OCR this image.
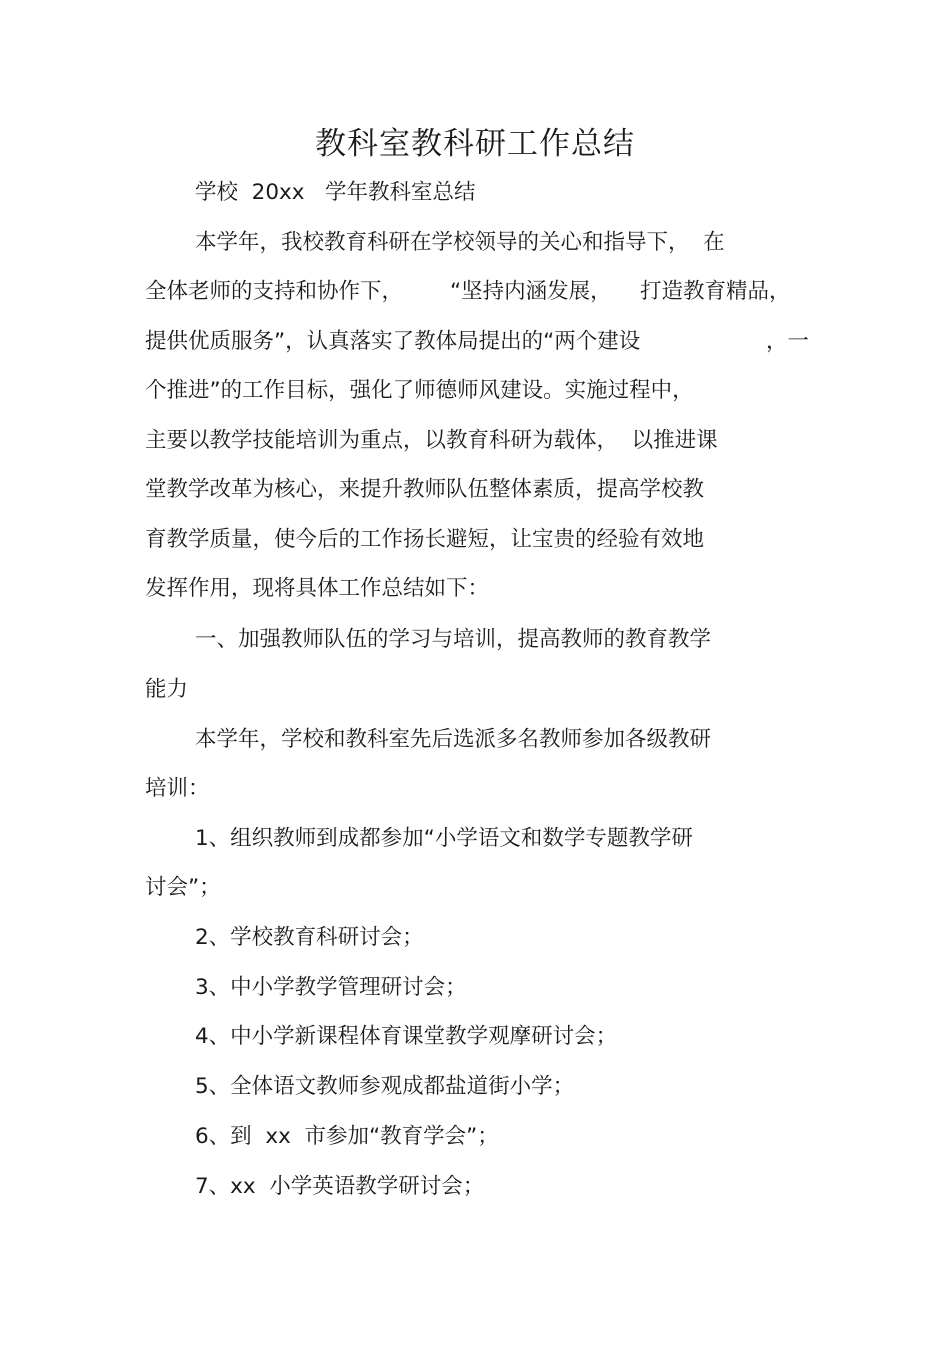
教科室教科研工作总结
学校  20xx   学年教科室总结
本学年，我校教育科研在学校领导的关心和指导下，  在
全体老师的支持和协作下， “坚持内涵发展， 打造教育精品，
提供优质服务”，认真落实了教体局提出的“两个建设	，一
个推进”的工作目标，强化了师德师风建设。实施过程中，
主要以教学技能培训为重点，以教育科研为载体，  以推进课
堂教学改革为核心，来提升教师队伍整体素质，提高学校教
育教学质量，使今后的工作扬长避短，让宝贵的经验有效地
发挥作用，现将具体工作总结如下：
一、加强教师队伍的学习与培训，提高教师的教育教学
能力
本学年，学校和教科室先后选派多名教师参加各级教研
培训：
1、组织教师到成都参加“小学语文和数学专题教学研
讨会”；
2、学校教育科研讨会；
3、中小学教学管理研讨会；
4、中小学新课程体育课堂教学观摩研讨会；
5、全体语文教师参观成都盐道街小学；
6、到  xx  市参加“教育学会”；
7、xx  小学英语教学研讨会；
